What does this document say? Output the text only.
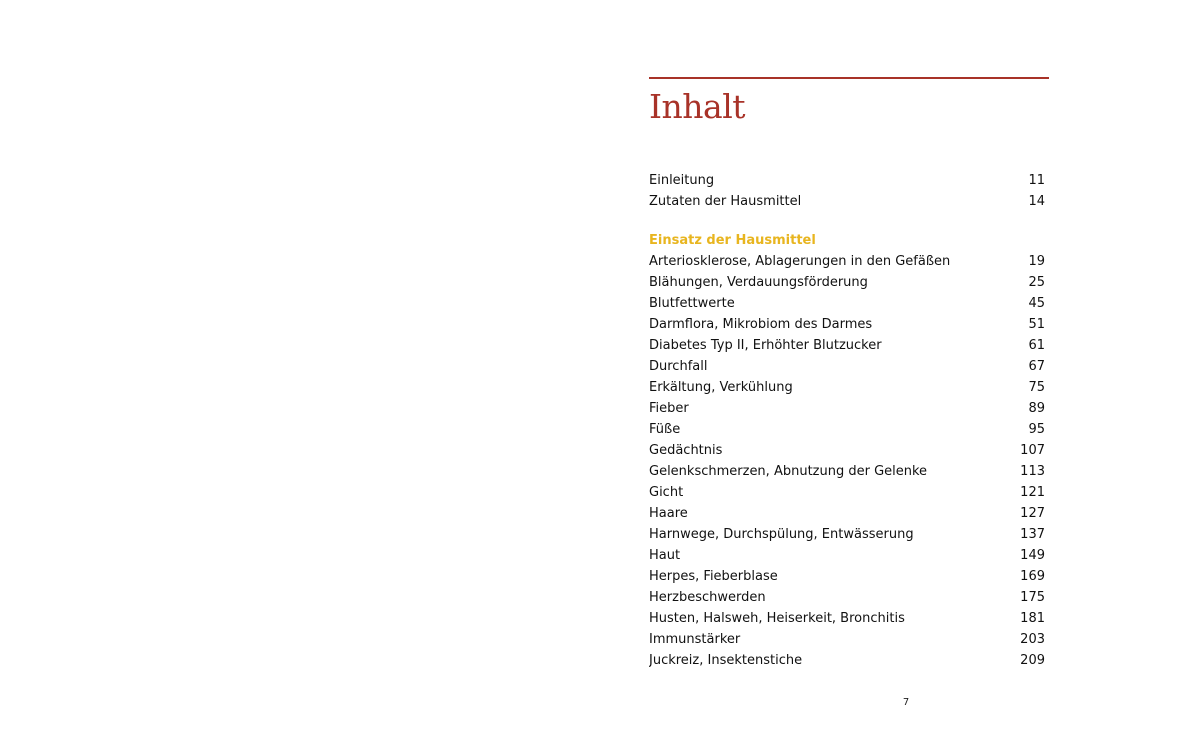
Inhalt
Einleitung	11
Zutaten der Hausmittel	14
Einsatz der Hausmittel
Arteriosklerose, Ablagerungen in den Gefäßen	19
Blähungen, Verdauungsförderung	25
Blutfettwerte	45
Darmflora, Mikrobiom des Darmes	51
Diabetes Typ II, Erhöhter Blutzucker	61
Durchfall	67
Erkältung, Verkühlung	75
Fieber	89
Füße	95
Gedächtnis	107
Gelenkschmerzen, Abnutzung der Gelenke	113
Gicht	121
Haare	127
Harnwege, Durchspülung, Entwässerung	137
Haut	149
Herpes, Fieberblase	169
Herzbeschwerden	175
Husten, Halsweh, Heiserkeit, Bronchitis	181
Immunstärker	203
Juckreiz, Insektenstiche	209
7
